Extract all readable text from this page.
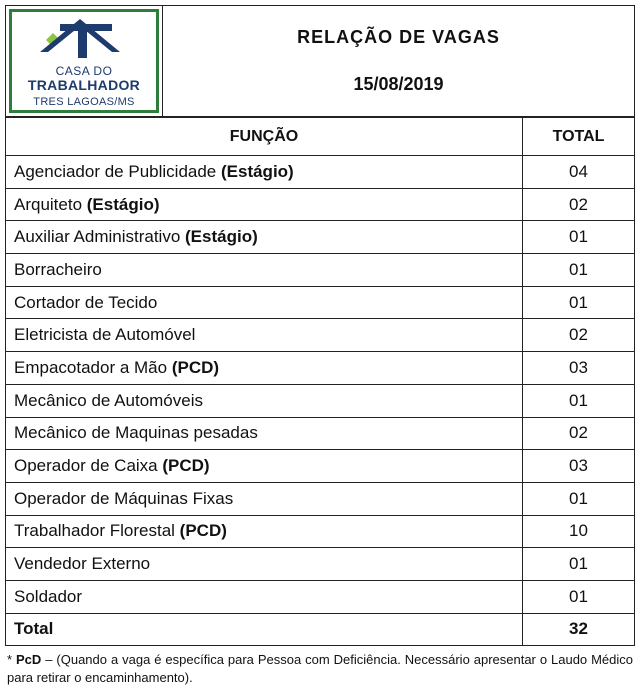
CASA DO
TRABALHADOR
TRES LAGOAS/MS
RELAÇÃO DE VAGAS
15/08/2019
FUNÇÃO	TOTAL
Agenciador de Publicidade (Estágio)	04
Arquiteto (Estágio)	02
Auxiliar Administrativo (Estágio)	01
Borracheiro	01
Cortador de Tecido	01
Eletricista de Automóvel	02
Empacotador a Mão (PCD)	03
Mecânico de Automóveis	01
Mecânico de Maquinas pesadas	02
Operador de Caixa (PCD)	03
Operador de Máquinas Fixas	01
Trabalhador Florestal (PCD)	10
Vendedor Externo	01
Soldador	01
Total	32
* PcD – (Quando a vaga é específica para Pessoa com Deficiência. Necessário apresentar o Laudo Médico para retirar o encaminhamento).
